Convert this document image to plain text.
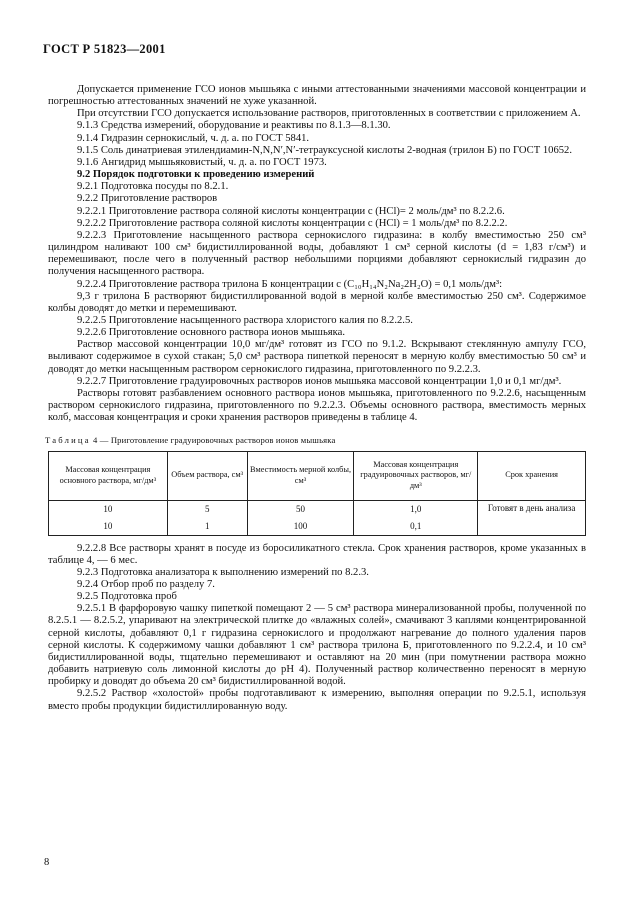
ГОСТ Р 51823—2001

Допускается применение ГСО ионов мышьяка с иными аттестованными значениями массовой концентрации и погрешностью аттестованных значений не хуже указанной.

При отсутствии ГСО допускается использование растворов, приготовленных в соответствии с приложением А.

9.1.3 Средства измерений, оборудование и реактивы по 8.1.3—8.1.30.

9.1.4 Гидразин сернокислый, ч. д. а. по ГОСТ 5841.

9.1.5 Соль динатриевая этилендиамин-N,N,N′,N′-тетрауксусной кислоты 2-водная (трилон Б) по ГОСТ 10652.

9.1.6 Ангидрид мышьяковистый, ч. д. а. по ГОСТ 1973.

9.2 Порядок подготовки к проведению измерений

9.2.1 Подготовка посуды по 8.2.1.

9.2.2 Приготовление растворов

9.2.2.1 Приготовление раствора соляной кислоты концентрации c (HCl)= 2 моль/дм³ по 8.2.2.6.

9.2.2.2 Приготовление раствора соляной кислоты концентрации c (HCl) = 1 моль/дм³ по 8.2.2.2.

9.2.2.3 Приготовление насыщенного раствора сернокислого гидразина: в колбу вместимостью 250 см³ цилиндром наливают 100 см³ бидистиллированной воды, добавляют 1 см³ серной кислоты (d = 1,83 г/см³) и перемешивают, после чего в полученный раствор небольшими порциями добавляют сернокислый гидразин до получения насыщенного раствора.

9.2.2.4 Приготовление раствора трилона Б концентрации c (C₁₀H₁₄N₂Na₂2H₂O) = 0,1 моль/дм³:

9,3 г трилона Б растворяют бидистиллированной водой в мерной колбе вместимостью 250 см³. Содержимое колбы доводят до метки и перемешивают.

9.2.2.5 Приготовление насыщенного раствора хлористого калия по 8.2.2.5.

9.2.2.6 Приготовление основного раствора ионов мышьяка.

Раствор массовой концентрации 10,0 мг/дм³ готовят из ГСО по 9.1.2. Вскрывают стеклянную ампулу ГСО, выливают содержимое в сухой стакан; 5,0 см³ раствора пипеткой переносят в мерную колбу вместимостью 50 см³ и доводят до метки насыщенным раствором сернокислого гидразина, приготовленного по 9.2.2.3.

9.2.2.7 Приготовление градуировочных растворов ионов мышьяка массовой концентрации 1,0 и 0,1 мг/дм³.

Растворы готовят разбавлением основного раствора ионов мышьяка, приготовленного по 9.2.2.6, насыщенным раствором сернокислого гидразина, приготовленного по 9.2.2.3. Объемы основного раствора, вместимость мерных колб, массовая концентрация и сроки хранения растворов приведены в таблице 4.

Таблица 4 — Приготовление градуировочных растворов ионов мышьяка
Массовая концентрация основного раствора, мг/дм³	Объем раствора, см³	Вместимость мерной колбы, см³	Массовая концентрация градуировочных растворов, мг/дм³	Срок хранения
10	5	50	1,0	Готовят в день анализа
10	1	100	0,1	

9.2.2.8 Все растворы хранят в посуде из боросиликатного стекла. Срок хранения растворов, кроме указанных в таблице 4, — 6 мес.

9.2.3 Подготовка анализатора к выполнению измерений по 8.2.3.

9.2.4 Отбор проб по разделу 7.

9.2.5 Подготовка проб

9.2.5.1 В фарфоровую чашку пипеткой помещают 2 — 5 см³ раствора минерализованной пробы, полученной по 8.2.5.1 — 8.2.5.2, упаривают на электрической плитке до «влажных солей», смачивают 3 каплями концентрированной серной кислоты, добавляют 0,1 г гидразина сернокислого и продолжают нагревание до полного удаления паров серной кислоты. К содержимому чашки добавляют 1 см³ раствора трилона Б, приготовленного по 9.2.2.4, и 10 см³ бидистиллированной воды, тщательно перемешивают и оставляют на 20 мин (при помутнении раствора можно добавить натриевую соль лимонной кислоты до pH 4). Полученный раствор количественно переносят в мерную пробирку и доводят до объема 20 см³ бидистиллированной водой.

9.2.5.2 Раствор «холостой» пробы подготавливают к измерению, выполняя операции по 9.2.5.1, используя вместо пробы продукции бидистиллированную воду.

8
